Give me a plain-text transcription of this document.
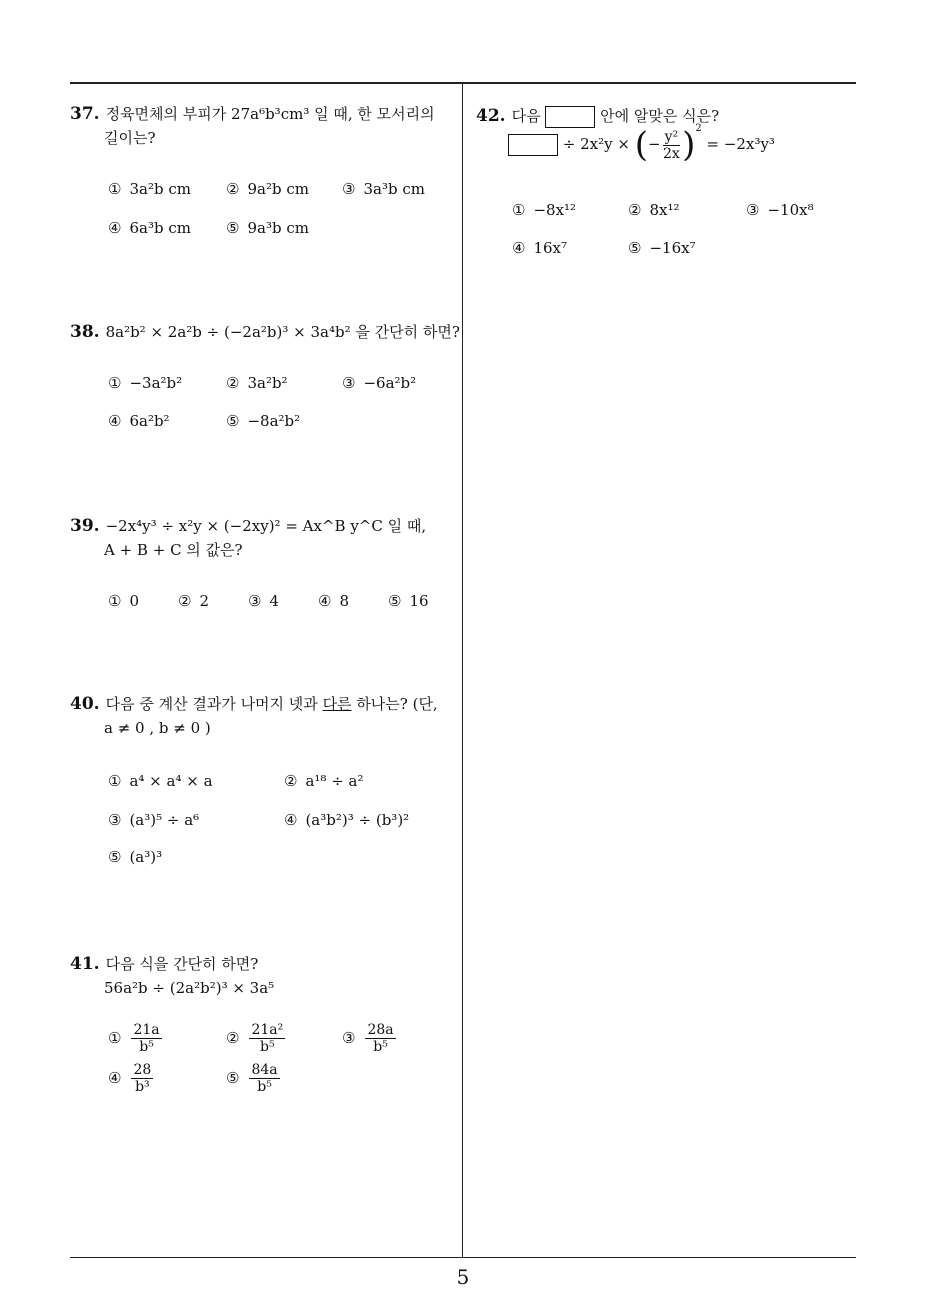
37. 정육면체의 부피가 27a⁶b³cm³ 일 때, 한 모서리의
길이는?
① 3a²b cm ② 9a²b cm ③ 3a³b cm
④ 6a³b cm ⑤ 9a³b cm
38. 8a²b² × 2a²b ÷ (−2a²b)³ × 3a⁴b² 을 간단히 하면?
① −3a²b²	② 3a²b²	③ −6a²b²
④ 6a²b²	⑤ −8a²b²
39. −2x⁴y³ ÷ x²y × (−2xy)² = Ax^B y^C 일 때,
A + B + C 의 값은?
① 0	② 2	③ 4	④ 8	⑤ 16
40. 다음 중 계산 결과가 나머지 넷과 다른 하나는? (단,
a ≠ 0 , b ≠ 0 )
① a⁴ × a⁴ × a	② a¹⁸ ÷ a²
③ (a³)⁵ ÷ a⁶	④ (a³b²)³ ÷ (b³)²
⑤ (a³)³
41. 다음 식을 간단히 하면?
56a²b ÷ (2a²b²)³ × 3a⁵
① $\frac{21a}{\text{b⁵}}$	② $\frac{\text{21a²}}{\text{b⁵}}$	③ $\frac{28a}{\text{b⁵}}$
④ $\frac{28}{\text{b³}}$	⑤ $\frac{84a}{\text{b⁵}}$
42. 다음	안에 알맞은 식은?
÷ 2x²y × (− $\frac{\text{y²}}{2x} )^2 = -2x^3y^3$
① −8x¹²	② 8x¹²	③ −10x⁸
④ 16x⁷	⑤ −16x⁷
5
